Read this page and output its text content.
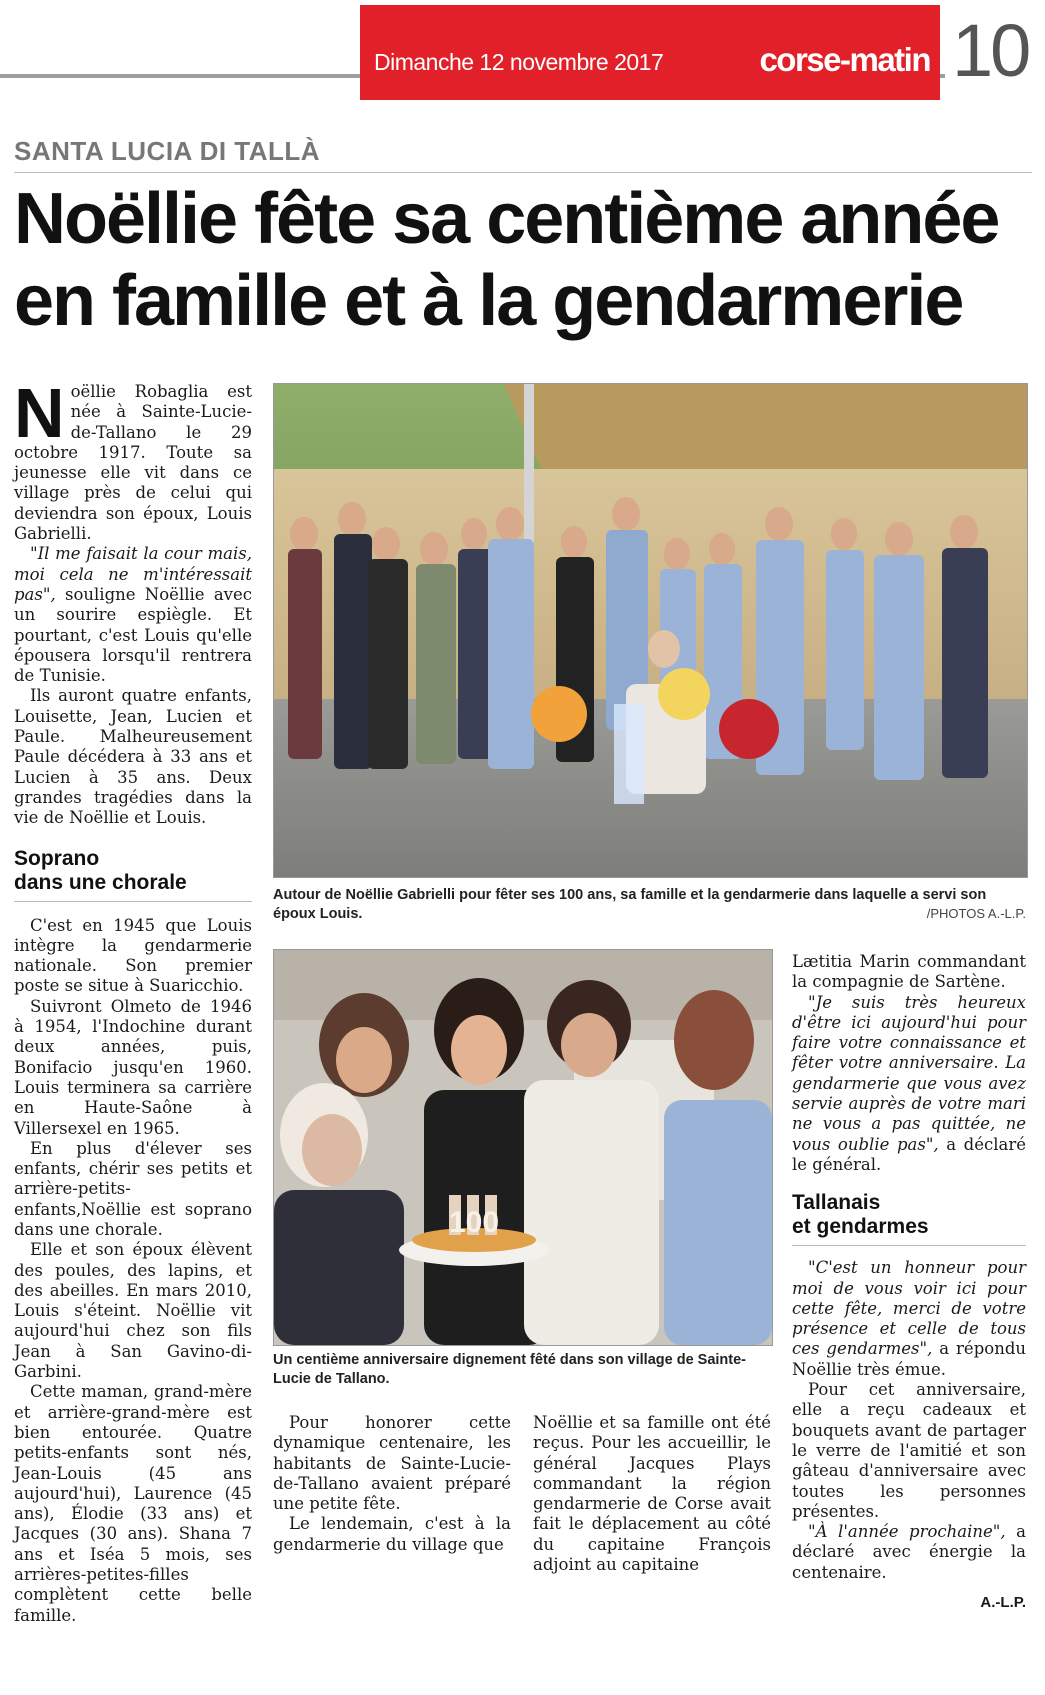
Dimanche 12 novembre 2017	corse-matin 10
SANTA LUCIA DI TALLÀ
Noëllie fête sa centième année
en famille et à la gendarmerie

Noëllie Robaglia est née à Sainte-Lucie-de-Tallano le 29 octobre 1917. Toute sa jeunesse elle vit dans ce village près de celui qui deviendra son époux, Louis Gabrielli.

"Il me faisait la cour mais, moi cela ne m'intéressait pas", souligne Noëllie avec un sourire espiègle. Et pourtant, c'est Louis qu'elle épousera lorsqu'il rentrera de Tunisie.

Ils auront quatre enfants, Louisette, Jean, Lucien et Paule. Malheureusement Paule décédera à 33 ans et Lucien à 35 ans. Deux grandes tragédies dans la vie de Noëllie et Louis.

Soprano
dans une chorale

C'est en 1945 que Louis intègre la gendarmerie nationale. Son premier poste se situe à Suaricchio.

Suivront Olmeto de 1946 à 1954, l'Indochine durant deux années, puis, Bonifacio jusqu'en 1960. Louis terminera sa carrière en Haute-Saône à Villersexel en 1965.

En plus d'élever ses enfants, chérir ses petits et arrière-petits-enfants,Noëllie est soprano dans une chorale.

Elle et son époux élèvent des poules, des lapins, et des abeilles. En mars 2010, Louis s'éteint. Noëllie vit aujourd'hui chez son fils Jean à San Gavino-di-Garbini.

Cette maman, grand-mère et arrière-grand-mère est bien entourée. Quatre petits-enfants sont nés, Jean-Louis (45 ans aujourd'hui), Laurence (45 ans), Élodie (33 ans) et Jacques (30 ans). Shana 7 ans et Iséa 5 mois, ses arrières-petites-filles complètent cette belle famille.

Autour de Noëllie Gabrielli pour fêter ses 100 ans, sa famille et la gendarmerie dans laquelle a servi son époux Louis.	/PHOTOS A.-L.P.
100
Un centième anniversaire dignement fêté dans son village de Sainte-Lucie de Tallano.

Pour honorer cette dynamique centenaire, les habitants de Sainte-Lucie-de-Tallano avaient préparé une petite fête.

Le lendemain, c'est à la gendarmerie du village que

Noëllie et sa famille ont été reçus. Pour les accueillir, le général Jacques Plays commandant la région gendarmerie de Corse avait fait le déplacement au côté du capitaine François adjoint au capitaine

Lætitia Marin commandant la compagnie de Sartène.

"Je suis très heureux d'être ici aujourd'hui pour faire votre connaissance et fêter votre anniversaire. La gendarmerie que vous avez servie auprès de votre mari ne vous a pas quittée, ne vous oublie pas", a déclaré le général.

Tallanais
et gendarmes

"C'est un honneur pour moi de vous voir ici pour cette fête, merci de votre présence et celle de tous ces gendarmes", a répondu Noëllie très émue.

Pour cet anniversaire, elle a reçu cadeaux et bouquets avant de partager le verre de l'amitié et son gâteau d'anniversaire avec toutes les personnes présentes.

"À l'année prochaine", a déclaré avec énergie la centenaire.

A.-L.P.
